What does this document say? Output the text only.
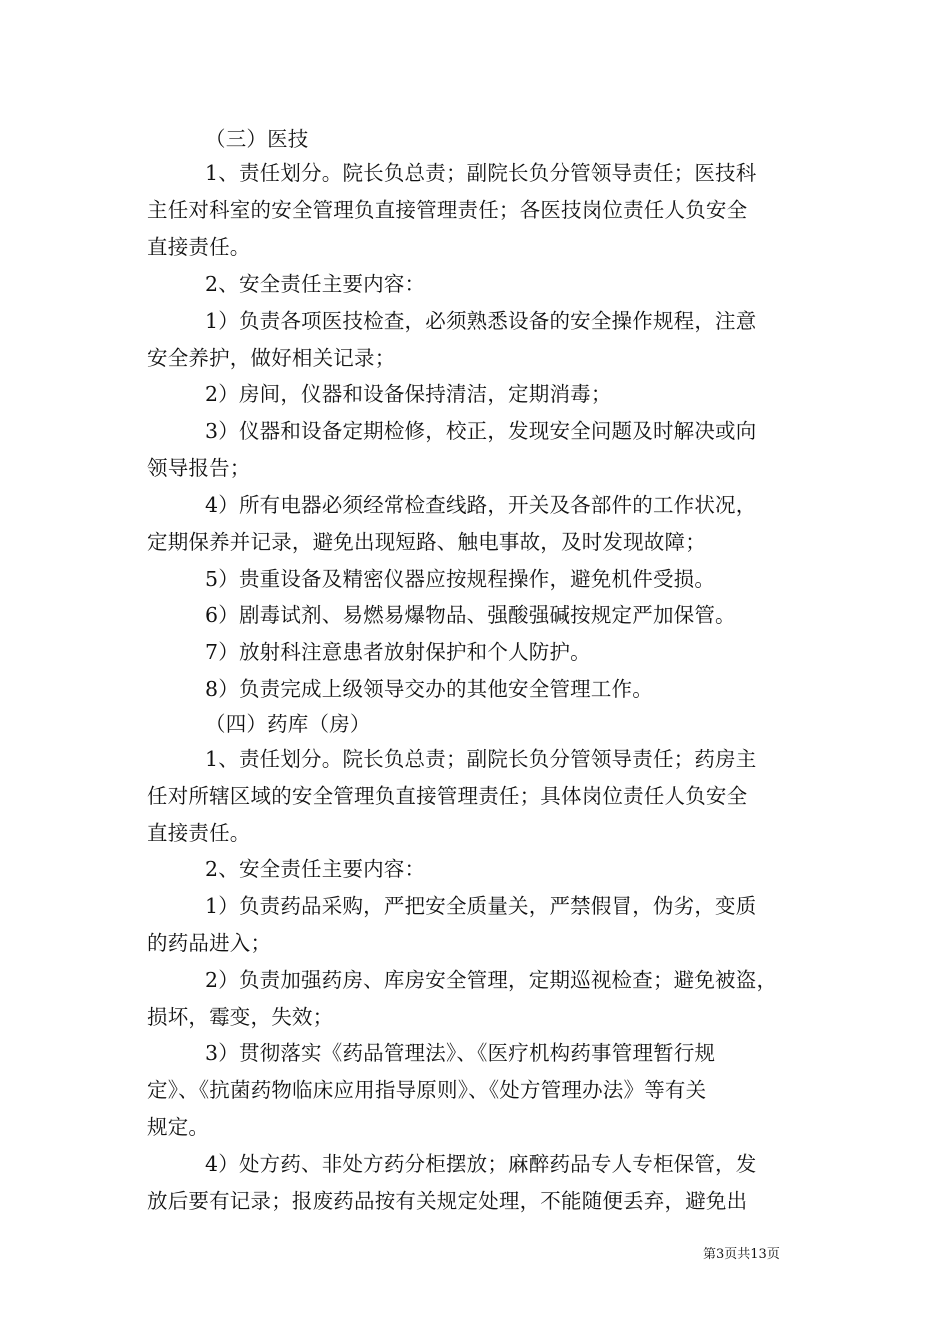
（三）医技
1、责任划分。院长负总责；副院长负分管领导责任；医技科
主任对科室的安全管理负直接管理责任；各医技岗位责任人负安全
直接责任。
2、安全责任主要内容：
1）负责各项医技检查，必须熟悉设备的安全操作规程，注意
安全养护，做好相关记录；
2）房间，仪器和设备保持清洁，定期消毒；
3）仪器和设备定期检修，校正，发现安全问题及时解决或向
领导报告；
4）所有电器必须经常检查线路，开关及各部件的工作状况，
定期保养并记录，避免出现短路、触电事故，及时发现故障；
5）贵重设备及精密仪器应按规程操作，避免机件受损。
6）剧毒试剂、易燃易爆物品、强酸强碱按规定严加保管。
7）放射科注意患者放射保护和个人防护。
8）负责完成上级领导交办的其他安全管理工作。
（四）药库（房）
1、责任划分。院长负总责；副院长负分管领导责任；药房主
任对所辖区域的安全管理负直接管理责任；具体岗位责任人负安全
直接责任。
2、安全责任主要内容：
1）负责药品采购，严把安全质量关，严禁假冒，伪劣，变质
的药品进入；
2）负责加强药房、库房安全管理，定期巡视检查；避免被盗，
损坏，霉变，失效；
3）贯彻落实《药品管理法》、《医疗机构药事管理暂行规
定》、《抗菌药物临床应用指导原则》、《处方管理办法》等有关
规定。
4）处方药、非处方药分柜摆放；麻醉药品专人专柜保管，发
放后要有记录；报废药品按有关规定处理，不能随便丢弃，避免出
第3页共13页
